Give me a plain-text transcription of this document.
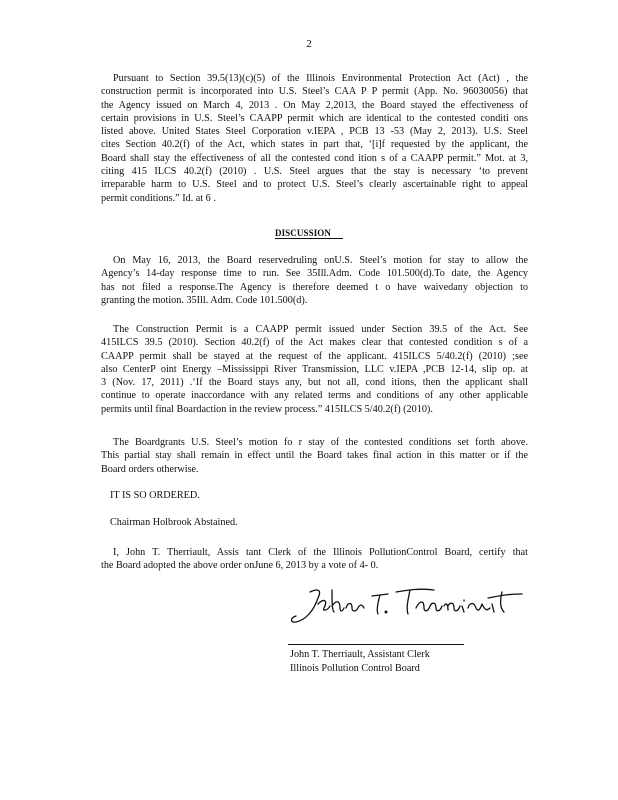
2
Pursuant to Section 39.5(13)(c)(5) of the Illinois Environmental Protection Act (Act) , the
construction permit is incorporated into U.S. Steel’s CAA P P permit (App. No. 96030056) that
the Agency issued on March 4, 2013 . On May 2,2013, the Board stayed the effectiveness of
certain provisions in U.S. Steel’s CAAPP permit which are identical to the contested conditi ons
listed above. United States Steel Corporation v.IEPA , PCB 13 -53 (May 2, 2013). U.S. Steel
cites Section 40.2(f) of the Act, which states in part that, ‘[i]f requested by the applicant, the
Board shall stay the effectiveness of all the contested cond ition s of a CAAPP permit.” Mot. at 3,
citing 415 ILCS 40.2(f) (2010) . U.S. Steel argues that the stay is necessary ‘to prevent
irreparable harm to U.S. Steel and to protect U.S. Steel’s clearly ascertainable right to appeal
permit conditions.” Id. at 6 .
DISCUSSION
On May 16, 2013, the Board reservedruling onU.S. Steel’s motion for stay to allow the
Agency’s 14-day response time to run. See 35Ill.Adm. Code 101.500(d).To date, the Agency
has not filed a response.The Agency is therefore deemed t o have waivedany objection to
granting the motion. 35Ill. Adm. Code 101.500(d).
The Construction Permit is a CAAPP permit issued under Section 39.5 of the Act. See
415ILCS 39.5 (2010). Section 40.2(f) of the Act makes clear that contested condition s of a
CAAPP permit shall be stayed at the request of the applicant. 415ILCS 5/40.2(f) (2010) ;see
also CenterP oint Energy –Mississippi River Transmission, LLC v.IEPA ,PCB 12-14, slip op. at
3 (Nov. 17, 2011) .‘If the Board stays any, but not all, cond itions, then the applicant shall
continue to operate inaccordance with any related terms and conditions of any other applicable
permits until final Boardaction in the review process.” 415ILCS 5/40.2(f) (2010).
The Boardgrants U.S. Steel’s motion fo r stay of the contested conditions set forth above.
This partial stay shall remain in effect until the Board takes final action in this matter or if the
Board orders otherwise.
IT IS SO ORDERED.
Chairman Holbrook Abstained.
I, John T. Therriault, Assis tant Clerk of the Illinois PollutionControl Board, certify that
the Board adopted the above order onJune 6, 2013 by a vote of 4- 0.
John T. Therriault, Assistant Clerk
Illinois Pollution Control Board
